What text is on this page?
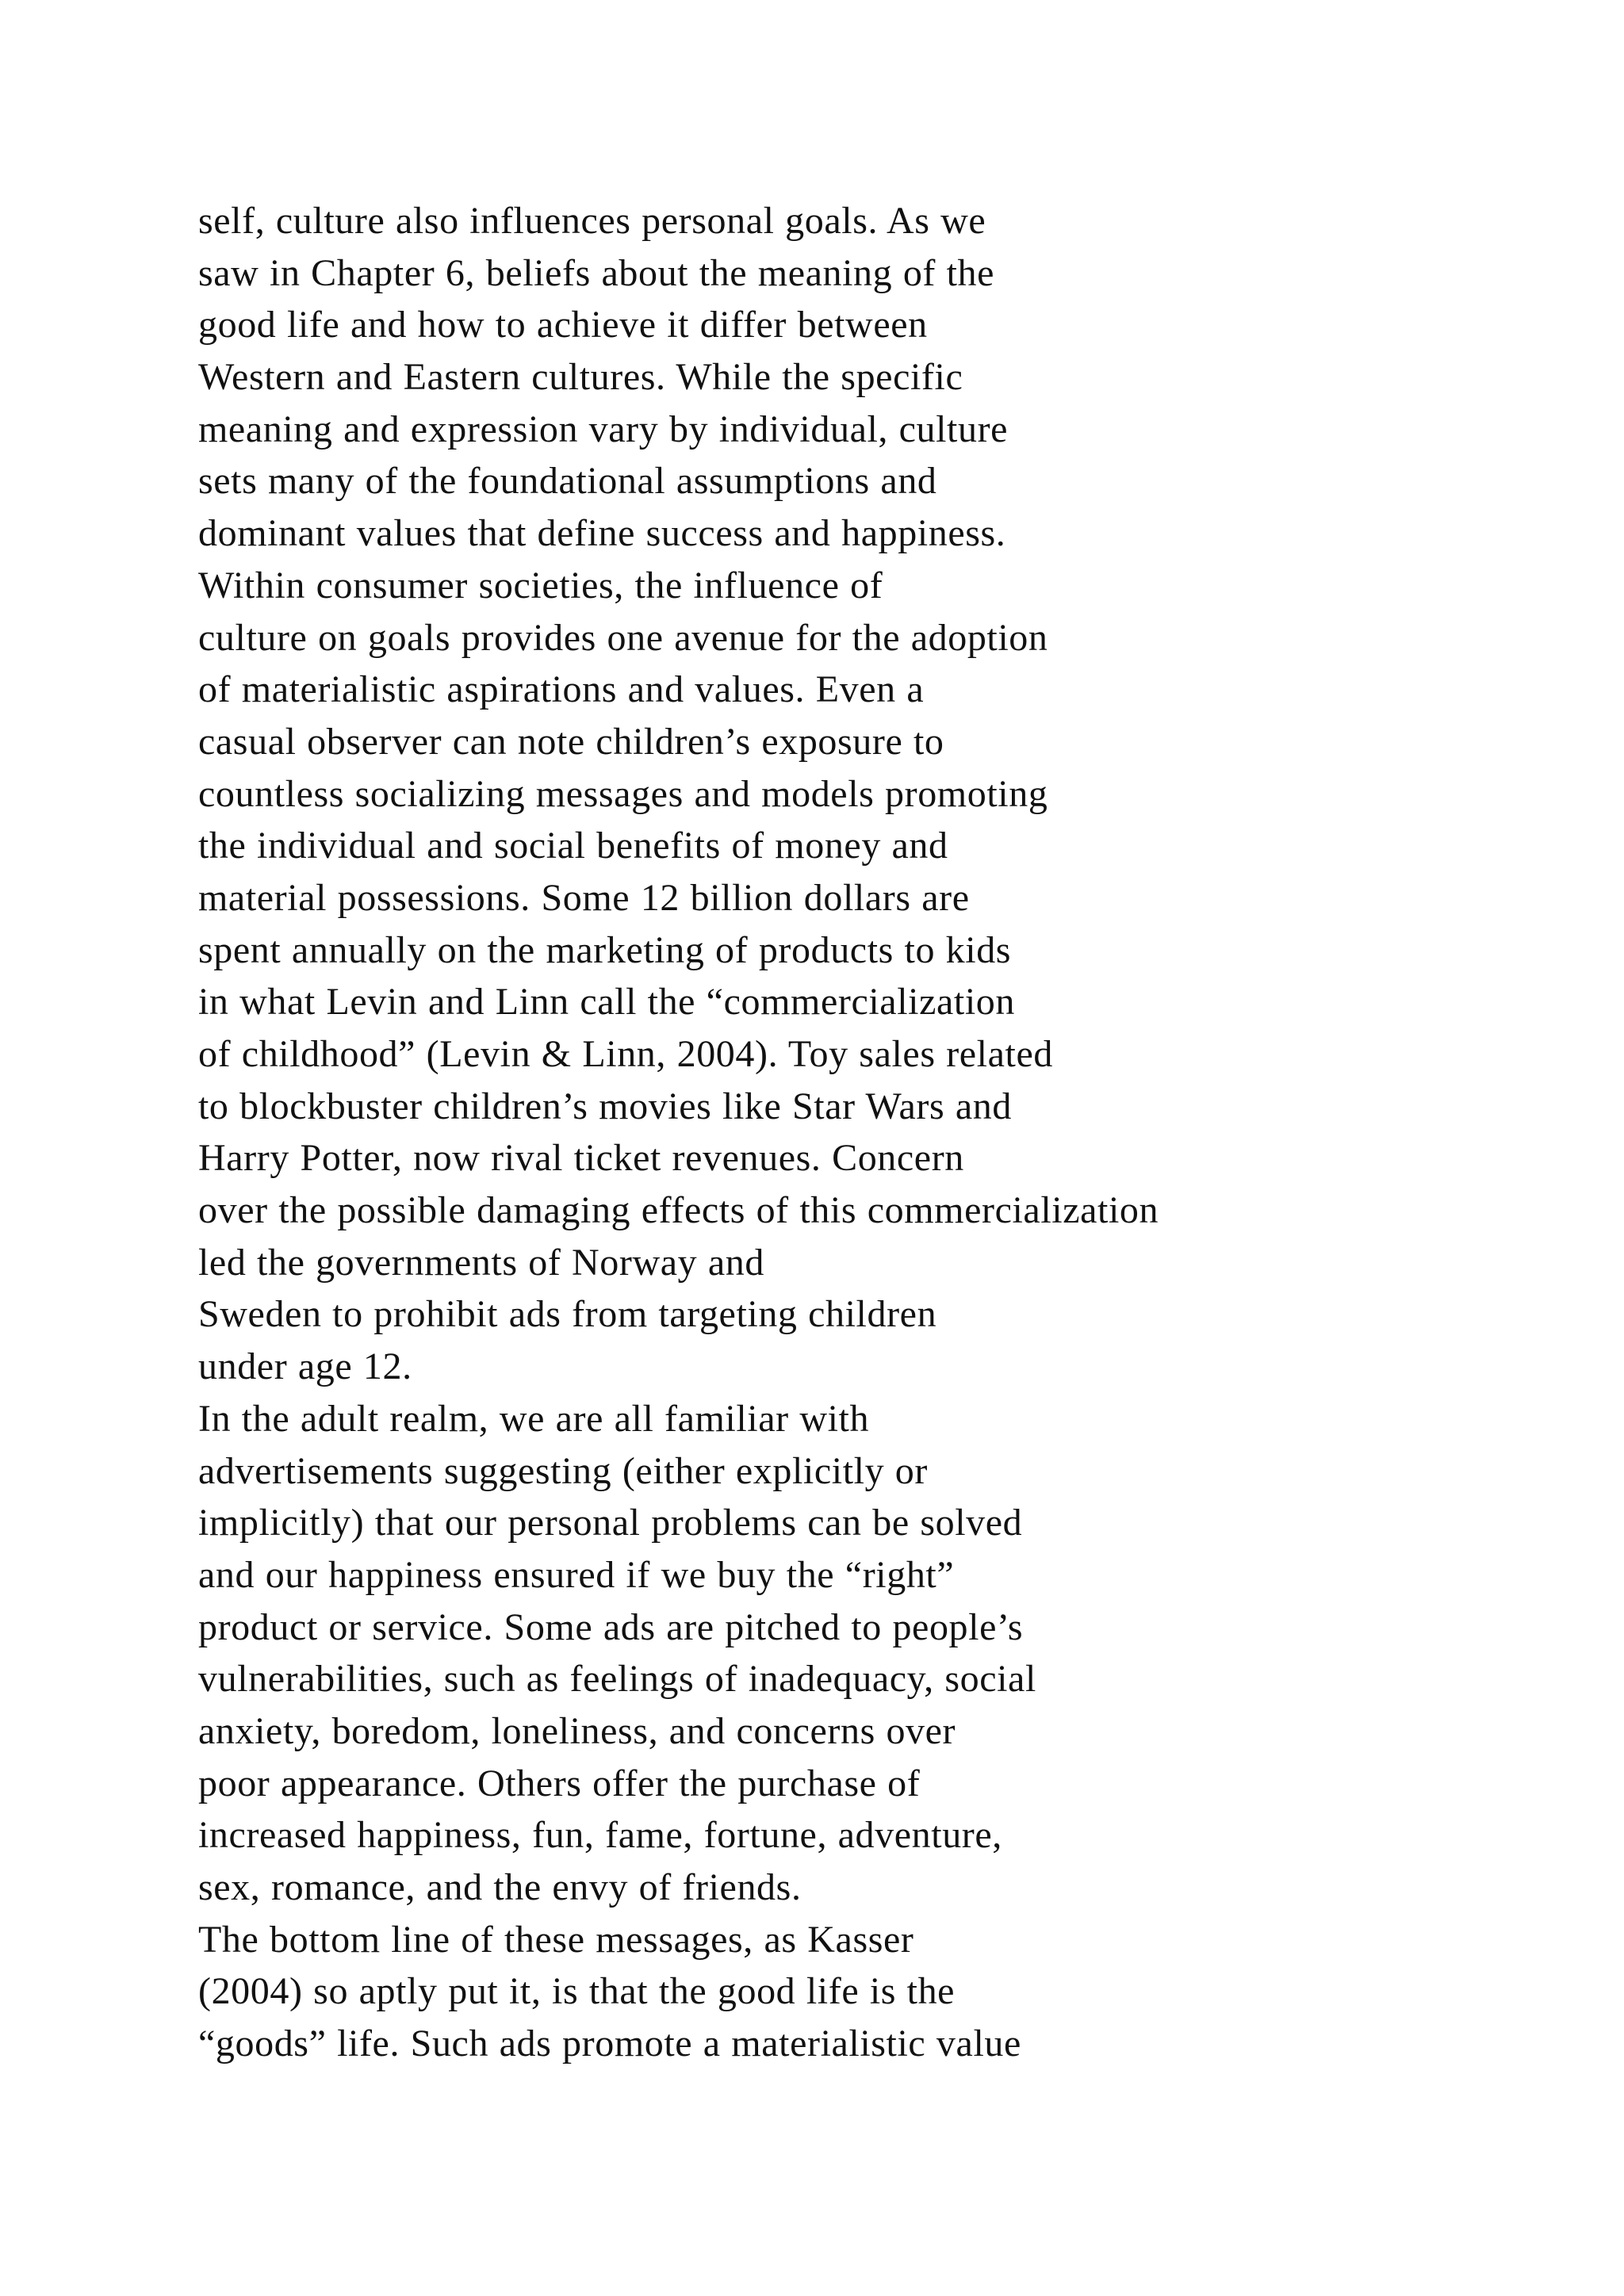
self, culture also influences personal goals. As we
saw in Chapter 6, beliefs about the meaning of the
good life and how to achieve it differ between
Western and Eastern cultures. While the specific
meaning and expression vary by individual, culture
sets many of the foundational assumptions and
dominant values that define success and happiness.
Within consumer societies, the influence of
culture on goals provides one avenue for the adoption
of materialistic aspirations and values. Even a
casual observer can note children’s exposure to
countless socializing messages and models promoting
the individual and social benefits of money and
material possessions. Some 12 billion dollars are
spent annually on the marketing of products to kids
in what Levin and Linn call the “commercialization
of childhood” (Levin & Linn, 2004). Toy sales related
to blockbuster children’s movies like Star Wars and
Harry Potter, now rival ticket revenues. Concern
over the possible damaging effects of this commercialization
led the governments of Norway and
Sweden to prohibit ads from targeting children
under age 12.
In the adult realm, we are all familiar with
advertisements suggesting (either explicitly or
implicitly) that our personal problems can be solved
and our happiness ensured if we buy the “right”
product or service. Some ads are pitched to people’s
vulnerabilities, such as feelings of inadequacy, social
anxiety, boredom, loneliness, and concerns over
poor appearance. Others offer the purchase of
increased happiness, fun, fame, fortune, adventure,
sex, romance, and the envy of friends.
The bottom line of these messages, as Kasser
(2004) so aptly put it, is that the good life is the
“goods” life. Such ads promote a materialistic value
